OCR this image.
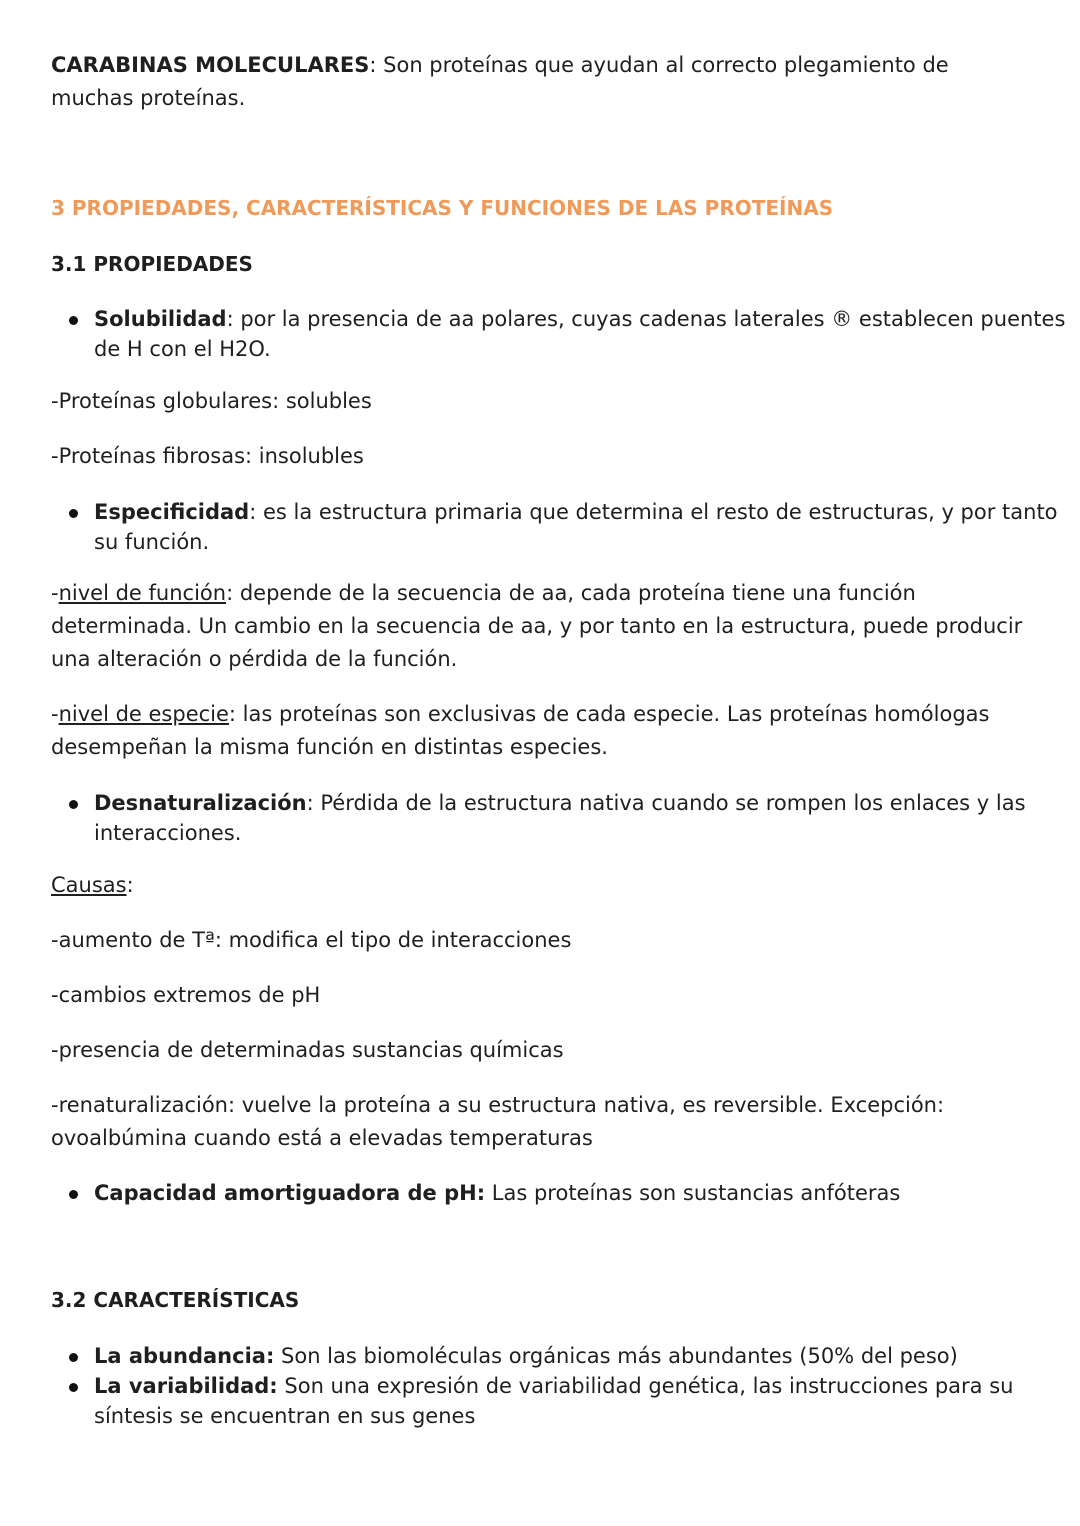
CARABINAS MOLECULARES: Son proteínas que ayudan al correcto plegamiento de muchas proteínas.

3 PROPIEDADES, CARACTERÍSTICAS Y FUNCIONES DE LAS PROTEÍNAS

3.1 PROPIEDADES

Solubilidad: por la presencia de aa polares, cuyas cadenas laterales ® establecen puentes de H con el H2O.

-Proteínas globulares: solubles

-Proteínas fibrosas: insolubles

Especificidad: es la estructura primaria que determina el resto de estructuras, y por tanto su función.

-nivel de función: depende de la secuencia de aa, cada proteína tiene una función determinada. Un cambio en la secuencia de aa, y por tanto en la estructura, puede producir una alteración o pérdida de la función.

-nivel de especie: las proteínas son exclusivas de cada especie. Las proteínas homólogas desempeñan la misma función en distintas especies.

Desnaturalización: Pérdida de la estructura nativa cuando se rompen los enlaces y las interacciones.

Causas:

-aumento de Tª: modifica el tipo de interacciones

-cambios extremos de pH

-presencia de determinadas sustancias químicas

-renaturalización: vuelve la proteína a su estructura nativa, es reversible. Excepción: ovoalbúmina cuando está a elevadas temperaturas

Capacidad amortiguadora de pH: Las proteínas son sustancias anfóteras

3.2 CARACTERÍSTICAS

La abundancia: Son las biomoléculas orgánicas más abundantes (50% del peso)

La variabilidad: Son una expresión de variabilidad genética, las instrucciones para su síntesis se encuentran en sus genes
